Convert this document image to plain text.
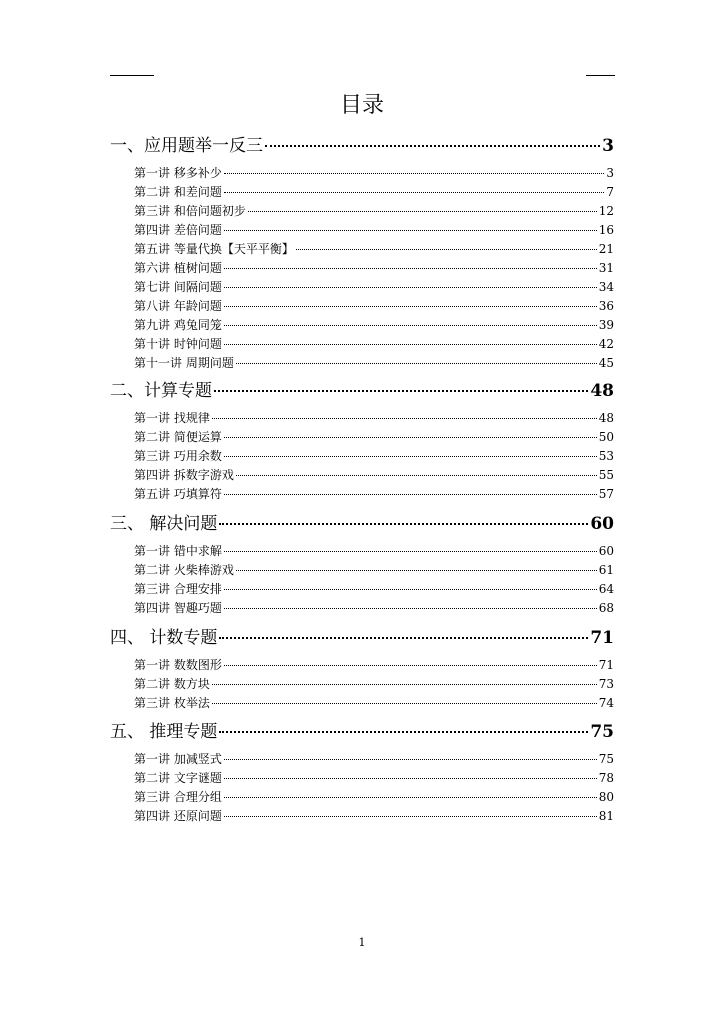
目录
一、应用题举一反三	3
第一讲 移多补少	3
第二讲 和差问题	7
第三讲 和倍问题初步	12
第四讲 差倍问题	16
第五讲 等量代换【天平平衡】	21
第六讲 植树问题	31
第七讲 间隔问题	34
第八讲 年龄问题	36
第九讲 鸡兔同笼	39
第十讲 时钟问题	42
第十一讲 周期问题	45
二、计算专题	48
第一讲 找规律	48
第二讲 简便运算	50
第三讲 巧用余数	53
第四讲 拆数字游戏	55
第五讲 巧填算符	57
三、 解决问题	60
第一讲 错中求解	60
第二讲 火柴棒游戏	61
第三讲 合理安排	64
第四讲 智趣巧题	68
四、 计数专题	71
第一讲 数数图形	71
第二讲 数方块	73
第三讲 枚举法	74
五、 推理专题	75
第一讲 加减竖式	75
第二讲 文字谜题	78
第三讲 合理分组	80
第四讲 还原问题	81
1
